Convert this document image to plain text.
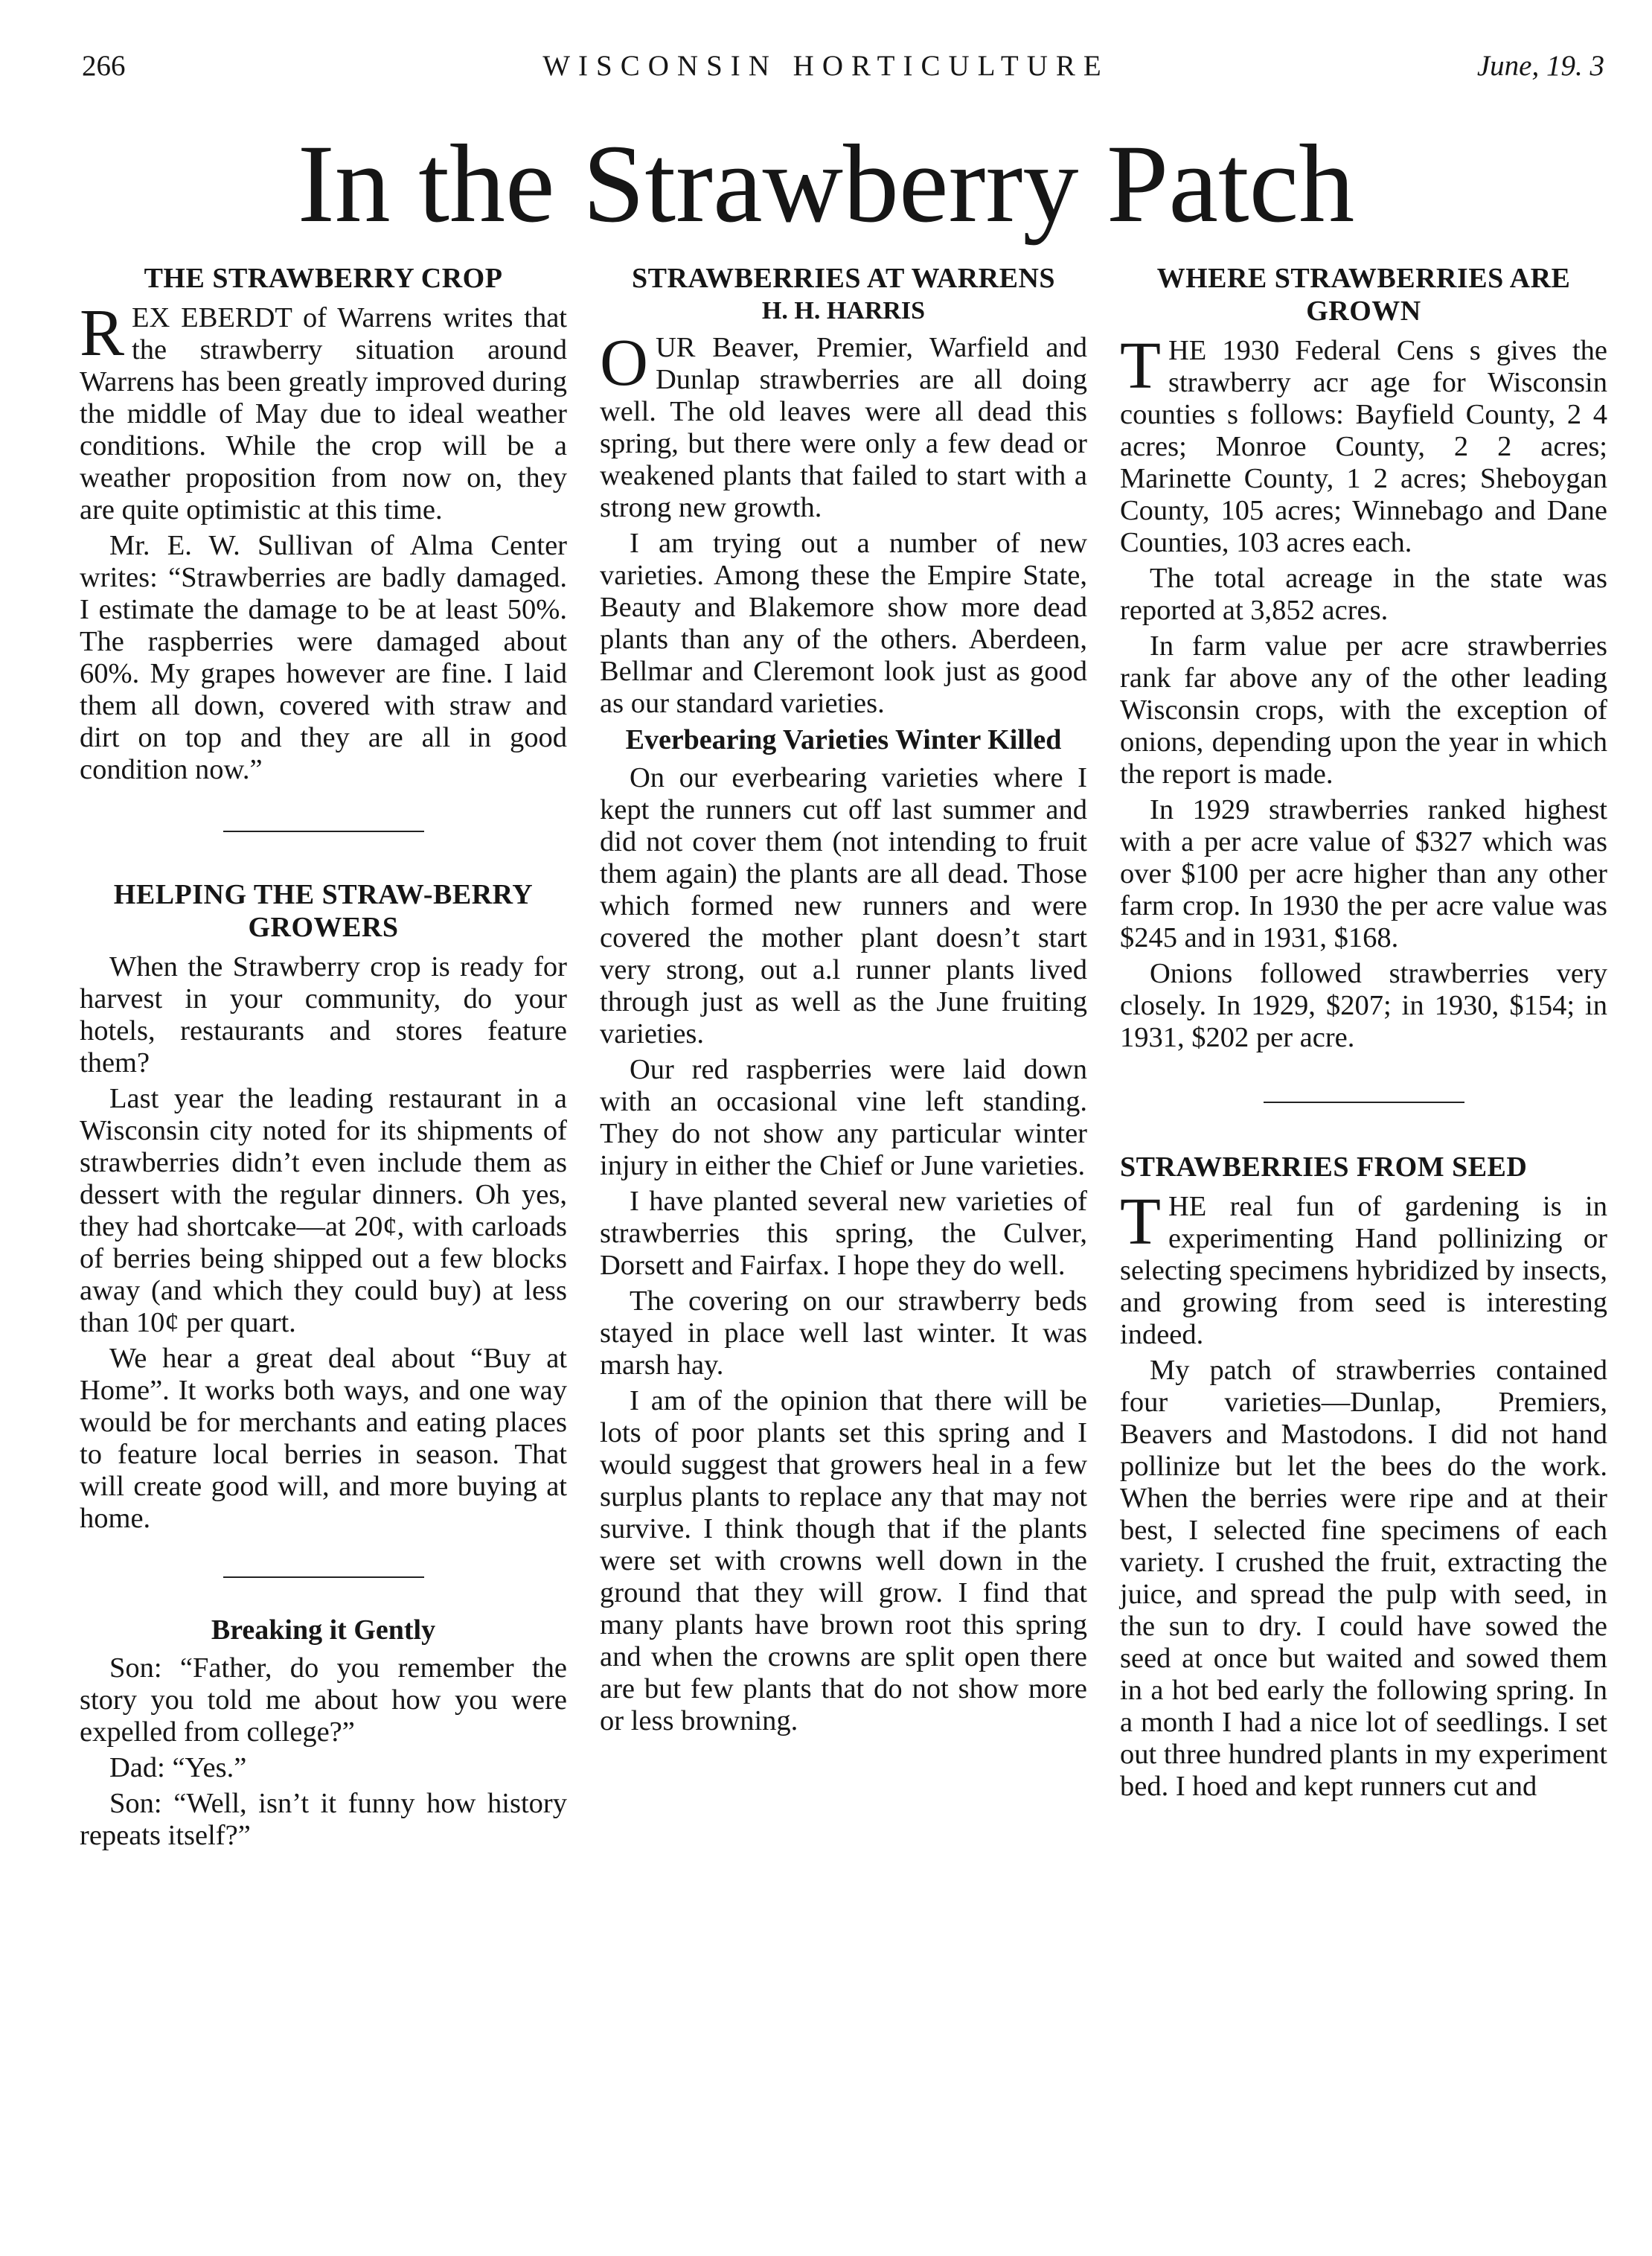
266	WISCONSIN HORTICULTURE	June, 19. 3
In the Strawberry Patch
THE STRAWBERRY CROP

REX EBERDT of Warrens writes that the strawberry situation around Warrens has been greatly improved during the middle of May due to ideal weather conditions. While the crop will be a weather proposition from now on, they are quite optimistic at this time.

Mr. E. W. Sullivan of Alma Center writes: “Strawberries are badly damaged. I estimate the damage to be at least 50%. The raspberries were damaged about 60%. My grapes however are fine. I laid them all down, covered with straw and dirt on top and they are all in good condition now.”

HELPING THE STRAW-BERRY GROWERS

When the Strawberry crop is ready for harvest in your community, do your hotels, restaurants and stores feature them?

Last year the leading restaurant in a Wisconsin city noted for its shipments of strawberries didn’t even include them as dessert with the regular dinners. Oh yes, they had shortcake—at 20¢, with carloads of berries being shipped out a few blocks away (and which they could buy) at less than 10¢ per quart.

We hear a great deal about “Buy at Home”. It works both ways, and one way would be for merchants and eating places to feature local berries in season. That will create good will, and more buying at home.

Breaking it Gently

Son: “Father, do you remember the story you told me about how you were expelled from college?”

Dad: “Yes.”

Son: “Well, isn’t it funny how history repeats itself?”

STRAWBERRIES AT WARRENS
H. H. HARRIS

OUR Beaver, Premier, Warfield and Dunlap strawberries are all doing well. The old leaves were all dead this spring, but there were only a few dead or weakened plants that failed to start with a strong new growth.

I am trying out a number of new varieties. Among these the Empire State, Beauty and Blakemore show more dead plants than any of the others. Aberdeen, Bellmar and Cleremont look just as good as our standard varieties.

Everbearing Varieties Winter Killed

On our everbearing varieties where I kept the runners cut off last summer and did not cover them (not intending to fruit them again) the plants are all dead. Those which formed new runners and were covered the mother plant doesn’t start very strong, out a.l runner plants lived through just as well as the June fruiting varieties.

Our red raspberries were laid down with an occasional vine left standing. They do not show any particular winter injury in either the Chief or June varieties.

I have planted several new varieties of strawberries this spring, the Culver, Dorsett and Fairfax. I hope they do well.

The covering on our strawberry beds stayed in place well last winter. It was marsh hay.

I am of the opinion that there will be lots of poor plants set this spring and I would suggest that growers heal in a few surplus plants to replace any that may not survive. I think though that if the plants were set with crowns well down in the ground that they will grow. I find that many plants have brown root this spring and when the crowns are split open there are but few plants that do not show more or less browning.

WHERE STRAWBERRIES ARE GROWN

THE 1930 Federal Cens s gives the strawberry acr age for Wisconsin counties s follows: Bayfield County, 2 4 acres; Monroe County, 2 2 acres; Marinette County, 1 2 acres; Sheboygan County, 105 acres; Winnebago and Dane Counties, 103 acres each.

The total acreage in the state was reported at 3,852 acres.

In farm value per acre strawberries rank far above any of the other leading Wisconsin crops, with the exception of onions, depending upon the year in which the report is made.

In 1929 strawberries ranked highest with a per acre value of $327 which was over $100 per acre higher than any other farm crop. In 1930 the per acre value was $245 and in 1931, $168.

Onions followed strawberries very closely. In 1929, $207; in 1930, $154; in 1931, $202 per acre.

STRAWBERRIES FROM SEED

THE real fun of gardening is in experimenting Hand pollinizing or selecting specimens hybridized by insects, and growing from seed is interesting indeed.

My patch of strawberries contained four varieties—Dunlap, Premiers, Beavers and Mastodons. I did not hand pollinize but let the bees do the work. When the berries were ripe and at their best, I selected fine specimens of each variety. I crushed the fruit, extracting the juice, and spread the pulp with seed, in the sun to dry. I could have sowed the seed at once but waited and sowed them in a hot bed early the following spring. In a month I had a nice lot of seedlings. I set out three hundred plants in my experiment bed. I hoed and kept runners cut and
